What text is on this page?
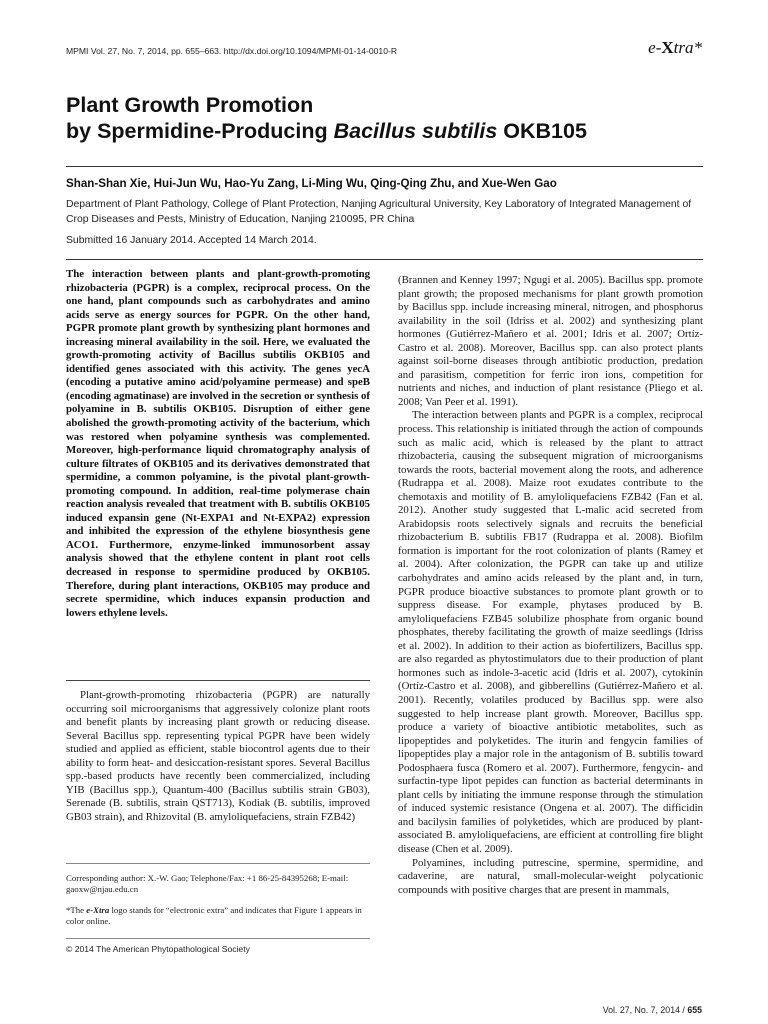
MPMI Vol. 27, No. 7, 2014, pp. 655–663. http://dx.doi.org/10.1094/MPMI-01-14-0010-R	e-Xtra*
Plant Growth Promotion
by Spermidine-Producing Bacillus subtilis OKB105
Shan-Shan Xie, Hui-Jun Wu, Hao-Yu Zang, Li-Ming Wu, Qing-Qing Zhu, and Xue-Wen Gao
Department of Plant Pathology, College of Plant Protection, Nanjing Agricultural University, Key Laboratory of Integrated Management of Crop Diseases and Pests, Ministry of Education, Nanjing 210095, PR China
Submitted 16 January 2014. Accepted 14 March 2014.
The interaction between plants and plant-growth-promoting rhizobacteria (PGPR) is a complex, reciprocal process. On the one hand, plant compounds such as carbohydrates and amino acids serve as energy sources for PGPR. On the other hand, PGPR promote plant growth by synthesizing plant hormones and increasing mineral availability in the soil. Here, we evaluated the growth-promoting activity of Bacillus subtilis OKB105 and identified genes associated with this activity. The genes yecA (encoding a putative amino acid/polyamine permease) and speB (encoding agmatinase) are involved in the secretion or synthesis of polyamine in B. subtilis OKB105. Disruption of either gene abolished the growth-promoting activity of the bacterium, which was restored when polyamine synthesis was complemented. Moreover, high-performance liquid chromatography analysis of culture filtrates of OKB105 and its derivatives demonstrated that spermidine, a common polyamine, is the pivotal plant-growth-promoting compound. In addition, real-time polymerase chain reaction analysis revealed that treatment with B. subtilis OKB105 induced expansin gene (Nt-EXPA1 and Nt-EXPA2) expression and inhibited the expression of the ethylene biosynthesis gene ACO1. Furthermore, enzyme-linked immunosorbent assay analysis showed that the ethylene content in plant root cells decreased in response to spermidine produced by OKB105. Therefore, during plant interactions, OKB105 may produce and secrete spermidine, which induces expansin production and lowers ethylene levels.
Plant-growth-promoting rhizobacteria (PGPR) are naturally occurring soil microorganisms that aggressively colonize plant roots and benefit plants by increasing plant growth or reducing disease. Several Bacillus spp. representing typical PGPR have been widely studied and applied as efficient, stable biocontrol agents due to their ability to form heat- and desiccation-resistant spores. Several Bacillus spp.-based products have recently been commercialized, including YIB (Bacillus spp.), Quantum-400 (Bacillus subtilis strain GB03), Serenade (B. subtilis, strain QST713), Kodiak (B. subtilis, improved GB03 strain), and Rhizovital (B. amyloliquefaciens, strain FZB42)
Corresponding author: X.-W. Gao; Telephone/Fax: +1 86-25-84395268; E-mail: gaoxw@njau.edu.cn
*The e-Xtra logo stands for “electronic extra” and indicates that Figure 1 appears in color online.
© 2014 The American Phytopathological Society

(Brannen and Kenney 1997; Ngugi et al. 2005). Bacillus spp. promote plant growth; the proposed mechanisms for plant growth promotion by Bacillus spp. include increasing mineral, nitrogen, and phosphorus availability in the soil (Idriss et al. 2002) and synthesizing plant hormones (Gutiérrez-Mañero et al. 2001; Idris et al. 2007; Ortíz-Castro et al. 2008). Moreover, Bacillus spp. can also protect plants against soil-borne diseases through antibiotic production, predation and parasitism, competition for ferric iron ions, competition for nutrients and niches, and induction of plant resistance (Pliego et al. 2008; Van Peer et al. 1991).

The interaction between plants and PGPR is a complex, reciprocal process. This relationship is initiated through the action of compounds such as malic acid, which is released by the plant to attract rhizobacteria, causing the subsequent migration of microorganisms towards the roots, bacterial movement along the roots, and adherence (Rudrappa et al. 2008). Maize root exudates contribute to the chemotaxis and motility of B. amyloliquefaciens FZB42 (Fan et al. 2012). Another study suggested that L-malic acid secreted from Arabidopsis roots selectively signals and recruits the beneficial rhizobacterium B. subtilis FB17 (Rudrappa et al. 2008). Biofilm formation is important for the root colonization of plants (Ramey et al. 2004). After colonization, the PGPR can take up and utilize carbohydrates and amino acids released by the plant and, in turn, PGPR produce bioactive substances to promote plant growth or to suppress disease. For example, phytases produced by B. amyloliquefaciens FZB45 solubilize phosphate from organic bound phosphates, thereby facilitating the growth of maize seedlings (Idriss et al. 2002). In addition to their action as biofertilizers, Bacillus spp. are also regarded as phytostimulators due to their production of plant hormones such as indole-3-acetic acid (Idris et al. 2007), cytokinin (Ortíz-Castro et al. 2008), and gibberellins (Gutiérrez-Mañero et al. 2001). Recently, volatiles produced by Bacillus spp. were also suggested to help increase plant growth. Moreover, Bacillus spp. produce a variety of bioactive antibiotic metabolites, such as lipopeptides and polyketides. The iturin and fengycin families of lipopeptides play a major role in the antagonism of B. subtilis toward Podosphaera fusca (Romero et al. 2007). Furthermore, fengycin- and surfactin-type lipot pepides can function as bacterial determinants in plant cells by initiating the immune response through the stimulation of induced systemic resistance (Ongena et al. 2007). The difficidin and bacilysin families of polyketides, which are produced by plant-associated B. amyloliquefaciens, are efficient at controlling fire blight disease (Chen et al. 2009).

Polyamines, including putrescine, spermine, spermidine, and cadaverine, are natural, small-molecular-weight polycationic compounds with positive charges that are present in mammals,

Vol. 27, No. 7, 2014 / 655
